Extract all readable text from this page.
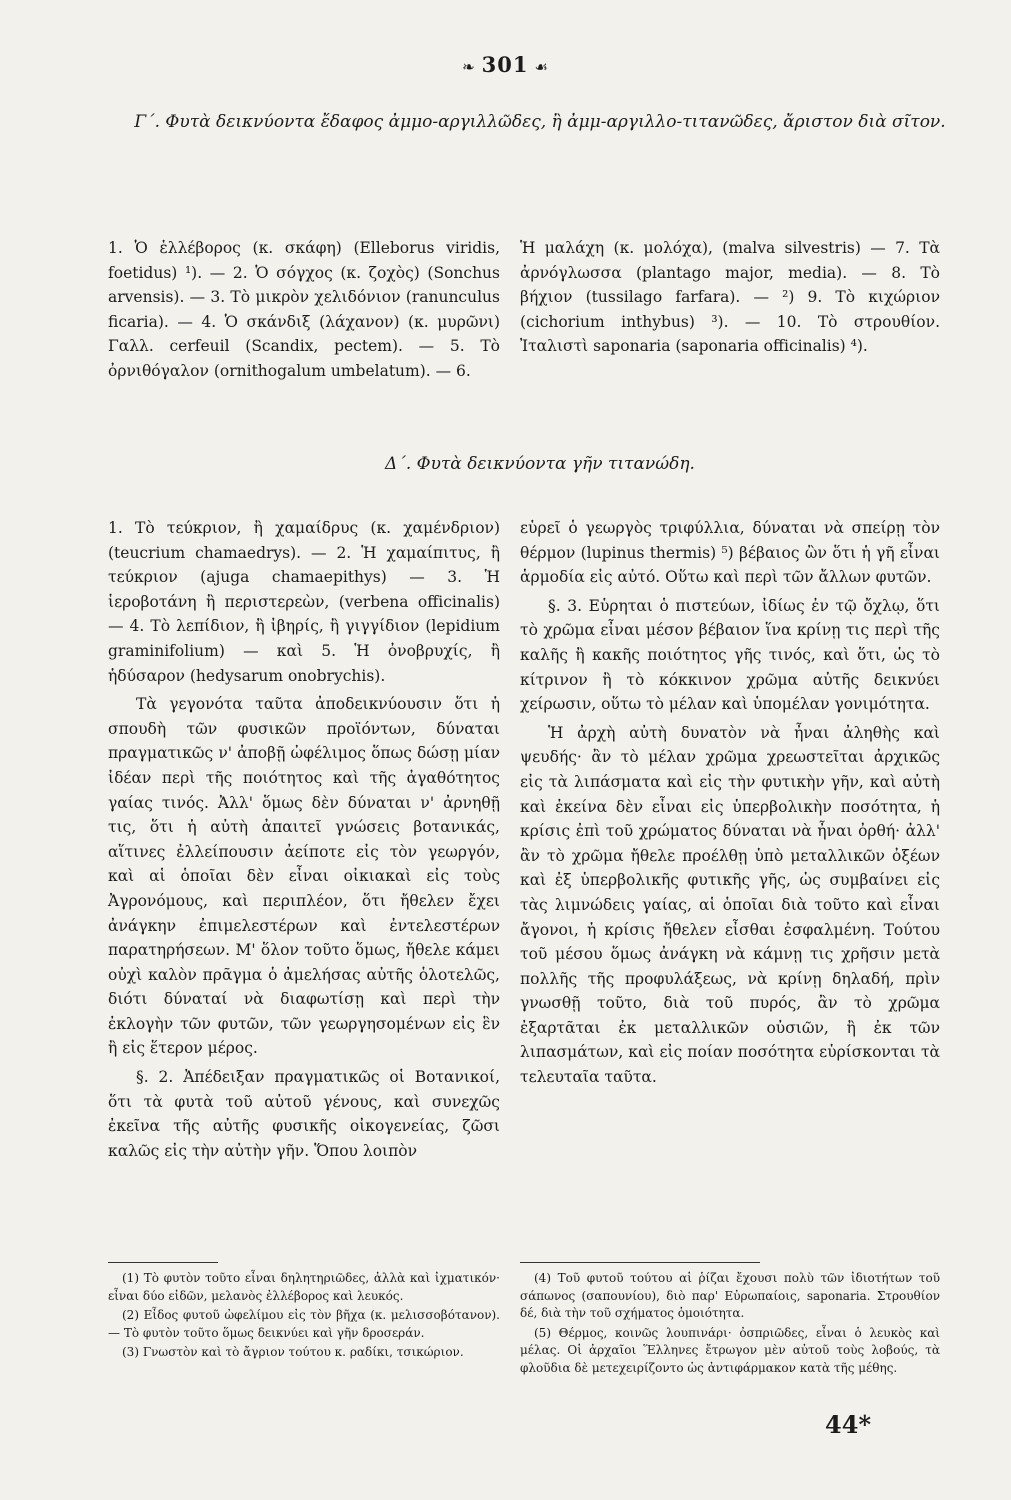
❧ 301 ☙
Γ΄. Φυτὰ δεικνύοντα ἔδαφος ἀμμο-αργιλλῶδες, ἢ ἀμμ-αργιλλο-τιτανῶδες, ἄριστον διὰ σῖτον.

1. Ὁ ἑλλέβορος (κ. σκάφη) (Elleborus viridis, foetidus) ¹). — 2. Ὁ σόγχος (κ. ζοχὸς) (Sonchus arvensis). — 3. Τὸ μικρὸν χελιδόνιον (ranunculus ficaria). — 4. Ὁ σκάνδιξ (λάχανον) (κ. μυρῶνι) Γαλλ. cerfeuil (Scandix, pectem). — 5. Τὸ ὀρνιθόγαλον (ornithogalum umbelatum). — 6.

Ἡ μαλάχη (κ. μολόχα), (malva silvestris) — 7. Τὰ ἀρνόγλωσσα (plantago major, media). — 8. Τὸ βήχιον (tussilago farfara). — ²) 9. Τὸ κιχώριον (cichorium inthybus) ³). — 10. Τὸ στρουθίον. Ἰταλιστὶ saponaria (saponaria officinalis) ⁴).

Δ΄. Φυτὰ δεικνύοντα γῆν τιτανώδη.

1. Τὸ τεύκριον, ἢ χαμαίδρυς (κ. χαμένδριον) (teucrium chamaedrys). — 2. Ἡ χαμαίπιτυς, ἢ τεύκριον (ajuga chamaepithys) — 3. Ἡ ἱεροβοτάνη ἢ περιστερεὼν, (verbena officinalis) — 4. Τὸ λεπίδιον, ἢ ἰβηρίς, ἢ γιγγίδιον (lepidium graminifolium) — καὶ 5. Ἡ ὀνοβρυχίς, ἢ ἡδύσαρον (hedysarum onobrychis).

Τὰ γεγονότα ταῦτα ἀποδεικνύουσιν ὅτι ἡ σπουδὴ τῶν φυσικῶν προϊόντων, δύναται πραγματικῶς ν' ἀποβῇ ὠφέλιμος ὅπως δώσῃ μίαν ἰδέαν περὶ τῆς ποιότητος καὶ τῆς ἀγαθότητος γαίας τινός. Ἀλλ' ὅμως δὲν δύναται ν' ἀρνηθῇ τις, ὅτι ἡ αὐτὴ ἀπαιτεῖ γνώσεις βοτανικάς, αἵτινες ἐλλείπουσιν ἀείποτε εἰς τὸν γεωργόν, καὶ αἱ ὁποῖαι δὲν εἶναι οἰκιακαὶ εἰς τοὺς Ἀγρονόμους, καὶ περιπλέον, ὅτι ἤθελεν ἔχει ἀνάγκην ἐπιμελεστέρων καὶ ἐντελεστέρων παρατηρήσεων. Μ' ὅλον τοῦτο ὅμως, ἤθελε κάμει οὐχὶ καλὸν πρᾶγμα ὁ ἀμελήσας αὐτῆς ὁλοτελῶς, διότι δύναταί νὰ διαφωτίσῃ καὶ περὶ τὴν ἐκλογὴν τῶν φυτῶν, τῶν γεωργησομένων εἰς ἓν ἢ εἰς ἕτερον μέρος.

§. 2. Ἀπέδειξαν πραγματικῶς οἱ Βοτανικοί, ὅτι τὰ φυτὰ τοῦ αὐτοῦ γένους, καὶ συνεχῶς ἐκεῖνα τῆς αὐτῆς φυσικῆς οἰκογενείας, ζῶσι καλῶς εἰς τὴν αὐτὴν γῆν. Ὅπου λοιπὸν

εὑρεῖ ὁ γεωργὸς τριφύλλια, δύναται νὰ σπείρῃ τὸν θέρμον (lupinus thermis) ⁵) βέβαιος ὢν ὅτι ἡ γῆ εἶναι ἁρμοδία εἰς αὐτό. Οὕτω καὶ περὶ τῶν ἄλλων φυτῶν.

§. 3. Εὑρηται ὁ πιστεύων, ἰδίως ἐν τῷ ὄχλῳ, ὅτι τὸ χρῶμα εἶναι μέσον βέβαιον ἵνα κρίνῃ τις περὶ τῆς καλῆς ἢ κακῆς ποιότητος γῆς τινός, καὶ ὅτι, ὡς τὸ κίτρινον ἢ τὸ κόκκινον χρῶμα αὐτῆς δεικνύει χείρωσιν, οὕτω τὸ μέλαν καὶ ὑπομέλαν γονιμότητα.

Ἡ ἀρχὴ αὐτὴ δυνατὸν νὰ ἦναι ἀληθὴς καὶ ψευδής· ἂν τὸ μέλαν χρῶμα χρεωστεῖται ἀρχικῶς εἰς τὰ λιπάσματα καὶ εἰς τὴν φυτικὴν γῆν, καὶ αὐτὴ καὶ ἐκείνα δὲν εἶναι εἰς ὑπερβολικὴν ποσότητα, ἡ κρίσις ἐπὶ τοῦ χρώματος δύναται νὰ ἦναι ὀρθή· ἀλλ' ἂν τὸ χρῶμα ἤθελε προέλθῃ ὑπὸ μεταλλικῶν ὀξέων καὶ ἐξ ὑπερβολικῆς φυτικῆς γῆς, ὡς συμβαίνει εἰς τὰς λιμνώδεις γαίας, αἱ ὁποῖαι διὰ τοῦτο καὶ εἶναι ἄγονοι, ἡ κρίσις ἤθελεν εἶσθαι ἐσφαλμένη. Τούτου τοῦ μέσου ὅμως ἀνάγκη νὰ κάμνῃ τις χρῆσιν μετὰ πολλῆς τῆς προφυλάξεως, νὰ κρίνῃ δηλαδή, πρὶν γνωσθῇ τοῦτο, διὰ τοῦ πυρός, ἂν τὸ χρῶμα ἐξαρτᾶται ἐκ μεταλλικῶν οὐσιῶν, ἢ ἐκ τῶν λιπασμάτων, καὶ εἰς ποίαν ποσότητα εὑρίσκονται τὰ τελευταῖα ταῦτα.

(1) Τὸ φυτὸν τοῦτο εἶναι δηλητηριῶδες, ἀλλὰ καὶ ἰχματικόν· εἶναι δύο εἰδῶν, μελανὸς ἐλλέβορος καὶ λευκός.

(2) Εἶδος φυτοῦ ὠφελίμου εἰς τὸν βῆχα (κ. μελισσοβότανον). — Τὸ φυτὸν τοῦτο ὅμως δεικνύει καὶ γῆν δροσεράν.

(3) Γνωστὸν καὶ τὸ ἄγριον τούτου κ. ραδίκι, τσικώριον.

(4) Τοῦ φυτοῦ τούτου αἱ ῥίζαι ἔχουσι πολὺ τῶν ἰδιοτήτων τοῦ σάπωνος (σαπουνίου), διὸ παρ' Εὐρωπαίοις, saponaria. Στρουθίον δέ, διὰ τὴν τοῦ σχήματος ὁμοιότητα.

(5) Θέρμος, κοινῶς λουπινάρι· ὀσπριῶδες, εἶναι ὁ λευκὸς καὶ μέλας. Οἱ ἀρχαῖοι Ἕλληνες ἔτρωγον μὲν αὐτοῦ τοὺς λοβούς, τὰ φλοῦδια δὲ μετεχειρίζοντο ὡς ἀντιφάρμακον κατὰ τῆς μέθης.

44*
